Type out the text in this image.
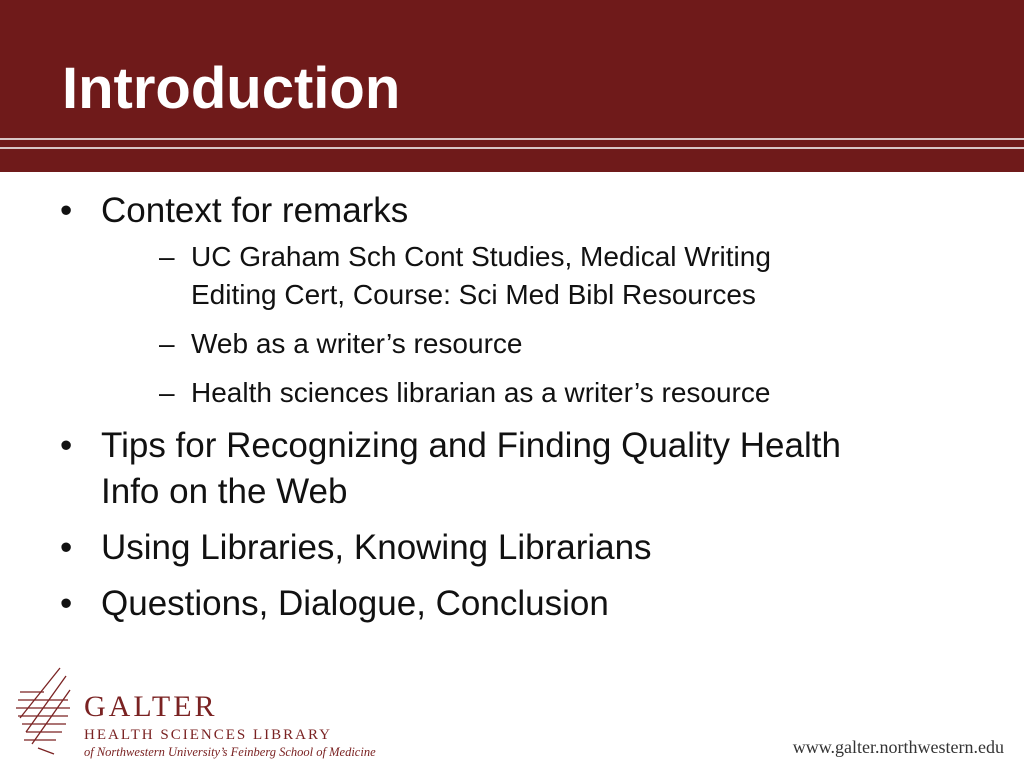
Introduction
• Context for remarks
– UC Graham Sch Cont Studies, Medical Writing
Editing Cert, Course: Sci Med Bibl Resources
– Web as a writer’s resource
– Health sciences librarian as a writer’s resource
• Tips for Recognizing and Finding Quality Health
Info on the Web
• Using Libraries, Knowing Librarians
• Questions, Dialogue, Conclusion
GALTER
HEALTH SCIENCES LIBRARY
of Northwestern University’s Feinberg School of Medicine	www.galter.northwestern.edu
